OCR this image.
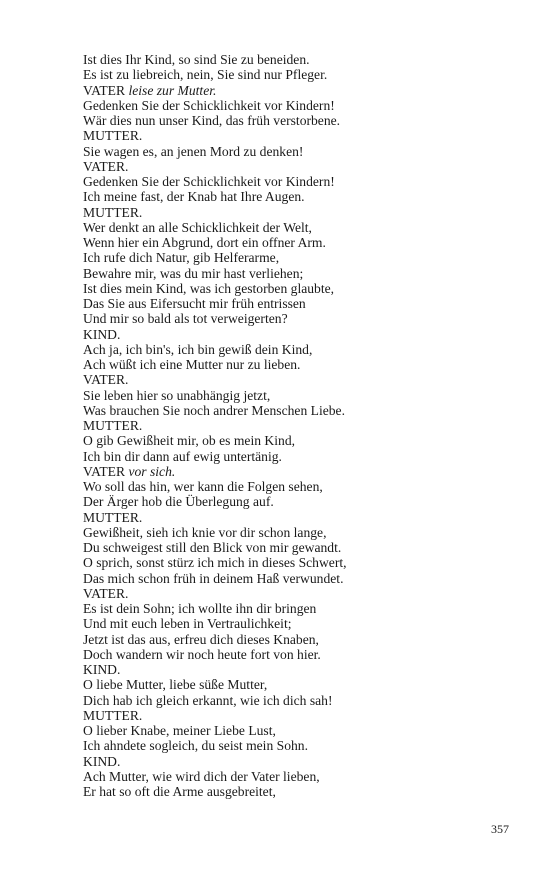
Ist dies Ihr Kind, so sind Sie zu beneiden.
Es ist zu liebreich, nein, Sie sind nur Pfleger.
VATER leise zur Mutter.
Gedenken Sie der Schicklichkeit vor Kindern!
Wär dies nun unser Kind, das früh verstorbene.
MUTTER.
Sie wagen es, an jenen Mord zu denken!
VATER.
Gedenken Sie der Schicklichkeit vor Kindern!
Ich meine fast, der Knab hat Ihre Augen.
MUTTER.
Wer denkt an alle Schicklichkeit der Welt,
Wenn hier ein Abgrund, dort ein offner Arm.
Ich rufe dich Natur, gib Helferarme,
Bewahre mir, was du mir hast verliehen;
Ist dies mein Kind, was ich gestorben glaubte,
Das Sie aus Eifersucht mir früh entrissen
Und mir so bald als tot verweigerten?
KIND.
Ach ja, ich bin's, ich bin gewiß dein Kind,
Ach wüßt ich eine Mutter nur zu lieben.
VATER.
Sie leben hier so unabhängig jetzt,
Was brauchen Sie noch andrer Menschen Liebe.
MUTTER.
O gib Gewißheit mir, ob es mein Kind,
Ich bin dir dann auf ewig untertänig.
VATER vor sich.
Wo soll das hin, wer kann die Folgen sehen,
Der Ärger hob die Überlegung auf.
MUTTER.
Gewißheit, sieh ich knie vor dir schon lange,
Du schweigest still den Blick von mir gewandt.
O sprich, sonst stürz ich mich in dieses Schwert,
Das mich schon früh in deinem Haß verwundet.
VATER.
Es ist dein Sohn; ich wollte ihn dir bringen
Und mit euch leben in Vertraulichkeit;
Jetzt ist das aus, erfreu dich dieses Knaben,
Doch wandern wir noch heute fort von hier.
KIND.
O liebe Mutter, liebe süße Mutter,
Dich hab ich gleich erkannt, wie ich dich sah!
MUTTER.
O lieber Knabe, meiner Liebe Lust,
Ich ahndete sogleich, du seist mein Sohn.
KIND.
Ach Mutter, wie wird dich der Vater lieben,
Er hat so oft die Arme ausgebreitet,
357
